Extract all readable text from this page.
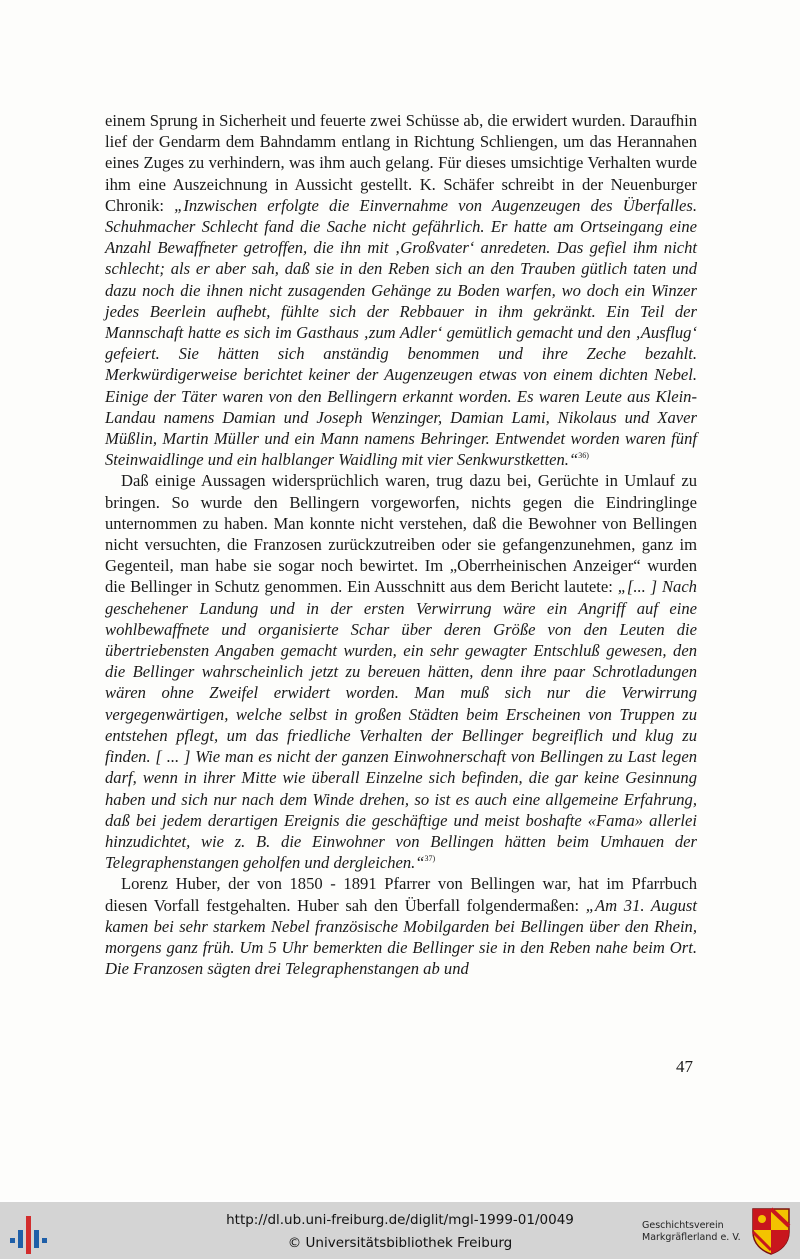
einem Sprung in Sicherheit und feuerte zwei Schüsse ab, die erwidert wurden. Daraufhin lief der Gendarm dem Bahndamm entlang in Richtung Schliengen, um das Herannahen eines Zuges zu verhindern, was ihm auch gelang. Für dieses umsichtige Verhalten wurde ihm eine Auszeichnung in Aussicht gestellt. K. Schäfer schreibt in der Neuenburger Chronik: „Inzwischen erfolgte die Einvernahme von Augenzeugen des Überfalles. Schuhmacher Schlecht fand die Sache nicht gefährlich. Er hatte am Ortseingang eine Anzahl Bewaffneter getroffen, die ihn mit ‚Großvater‘ anredeten. Das gefiel ihm nicht schlecht; als er aber sah, daß sie in den Reben sich an den Trauben gütlich taten und dazu noch die ihnen nicht zusagenden Gehänge zu Boden warfen, wo doch ein Winzer jedes Beerlein aufhebt, fühlte sich der Rebbauer in ihm gekränkt. Ein Teil der Mannschaft hatte es sich im Gasthaus ‚zum Adler‘ gemütlich gemacht und den ‚Ausflug‘ gefeiert. Sie hätten sich anständig benommen und ihre Zeche bezahlt. Merkwürdigerweise berichtet keiner der Augenzeugen etwas von einem dichten Nebel. Einige der Täter waren von den Bellingern erkannt worden. Es waren Leute aus Klein-Landau namens Damian und Joseph Wenzinger, Damian Lami, Nikolaus und Xaver Müßlin, Martin Müller und ein Mann namens Behringer. Entwendet worden waren fünf Steinwaidlinge und ein halblanger Waidling mit vier Senkwurstketten.“$^{36)}$

Daß einige Aussagen widersprüchlich waren, trug dazu bei, Gerüchte in Umlauf zu bringen. So wurde den Bellingern vorgeworfen, nichts gegen die Eindringlinge unternommen zu haben. Man konnte nicht verstehen, daß die Bewohner von Bellingen nicht versuchten, die Franzosen zurückzutreiben oder sie gefangenzunehmen, ganz im Gegenteil, man habe sie sogar noch bewirtet. Im „Oberrheinischen Anzeiger“ wurden die Bellinger in Schutz genommen. Ein Ausschnitt aus dem Bericht lautete: „[... ] Nach geschehener Landung und in der ersten Verwirrung wäre ein Angriff auf eine wohlbewaffnete und organisierte Schar über deren Größe von den Leuten die übertriebensten Angaben gemacht wurden, ein sehr gewagter Entschluß gewesen, den die Bellinger wahrscheinlich jetzt zu bereuen hätten, denn ihre paar Schrotladungen wären ohne Zweifel erwidert worden. Man muß sich nur die Verwirrung vergegenwärtigen, welche selbst in großen Städten beim Erscheinen von Truppen zu entstehen pflegt, um das friedliche Verhalten der Bellinger begreiflich und klug zu finden. [ ... ] Wie man es nicht der ganzen Einwohnerschaft von Bellingen zu Last legen darf, wenn in ihrer Mitte wie überall Einzelne sich befinden, die gar keine Gesinnung haben und sich nur nach dem Winde drehen, so ist es auch eine allgemeine Erfahrung, daß bei jedem derartigen Ereignis die geschäftige und meist boshafte «Fama» allerlei hinzudichtet, wie z. B. die Einwohner von Bellingen hätten beim Umhauen der Telegraphenstangen geholfen und dergleichen.“$^{37)}$

Lorenz Huber, der von 1850 - 1891 Pfarrer von Bellingen war, hat im Pfarrbuch diesen Vorfall festgehalten. Huber sah den Überfall folgendermaßen: „Am 31. August kamen bei sehr starkem Nebel französische Mobilgarden bei Bellingen über den Rhein, morgens ganz früh. Um 5 Uhr bemerkten die Bellinger sie in den Reben nahe beim Ort. Die Franzosen sägten drei Telegraphenstangen ab und

47
http://dl.ub.uni-freiburg.de/diglit/mgl-1999-01/0049
© Universitätsbibliothek Freiburg
Geschichtsverein
Markgräflerland e. V.
